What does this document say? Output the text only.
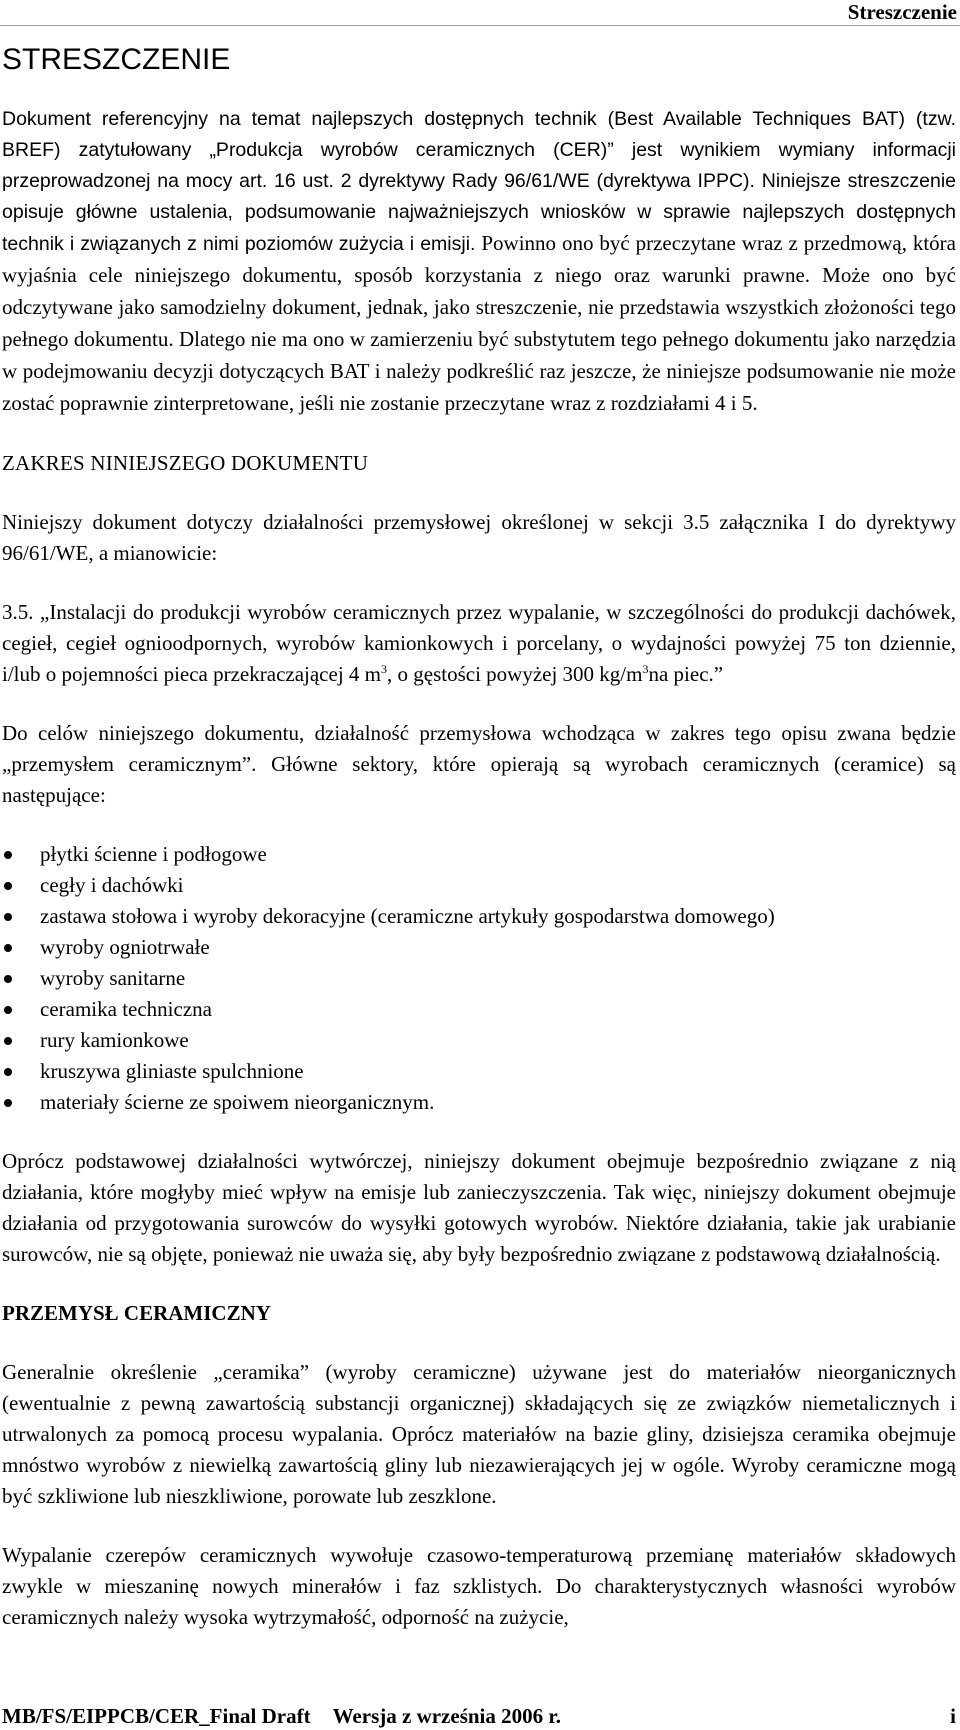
Streszczenie
STRESZCZENIE

Dokument referencyjny na temat najlepszych dostępnych technik (Best Available Techniques BAT) (tzw. BREF) zatytułowany „Produkcja wyrobów ceramicznych (CER)” jest wynikiem wymiany informacji przeprowadzonej na mocy art. 16 ust. 2 dyrektywy Rady 96/61/WE (dyrektywa IPPC). Niniejsze streszczenie opisuje główne ustalenia, podsumowanie najważniejszych wniosków w sprawie najlepszych dostępnych technik i związanych z nimi poziomów zużycia i emisji. Powinno ono być przeczytane wraz z przedmową, która wyjaśnia cele niniejszego dokumentu, sposób korzystania z niego oraz warunki prawne. Może ono być odczytywane jako samodzielny dokument, jednak, jako streszczenie, nie przedstawia wszystkich złożoności tego pełnego dokumentu. Dlatego nie ma ono w zamierzeniu być substytutem tego pełnego dokumentu jako narzędzia w podejmowaniu decyzji dotyczących BAT i należy podkreślić raz jeszcze, że niniejsze podsumowanie nie może zostać poprawnie zinterpretowane, jeśli nie zostanie przeczytane wraz z rozdziałami 4 i 5.

ZAKRES NINIEJSZEGO DOKUMENTU

Niniejszy dokument dotyczy działalności przemysłowej określonej w sekcji 3.5 załącznika I do dyrektywy 96/61/WE, a mianowicie:

3.5. „Instalacji do produkcji wyrobów ceramicznych przez wypalanie, w szczególności do produkcji dachówek, cegieł, cegieł ognioodpornych, wyrobów kamionkowych i porcelany, o wydajności powyżej 75 ton dziennie, i/lub o pojemności pieca przekraczającej 4 $m^3$, o gęstości powyżej 300 $kg/m^3na$ piec.”

Do celów niniejszego dokumentu, działalność przemysłowa wchodząca w zakres tego opisu zwana będzie „przemysłem ceramicznym”. Główne sektory, które opierają są wyrobach ceramicznych (ceramice) są następujące:

płytki ścienne i podłogowe
cegły i dachówki
zastawa stołowa i wyroby dekoracyjne (ceramiczne artykuły gospodarstwa domowego)
wyroby ogniotrwałe
wyroby sanitarne
ceramika techniczna
rury kamionkowe
kruszywa gliniaste spulchnione
materiały ścierne ze spoiwem nieorganicznym.

Oprócz podstawowej działalności wytwórczej, niniejszy dokument obejmuje bezpośrednio związane z nią działania, które mogłyby mieć wpływ na emisje lub zanieczyszczenia. Tak więc, niniejszy dokument obejmuje działania od przygotowania surowców do wysyłki gotowych wyrobów. Niektóre działania, takie jak urabianie surowców, nie są objęte, ponieważ nie uważa się, aby były bezpośrednio związane z podstawową działalnością.

PRZEMYSŁ CERAMICZNY

Generalnie określenie „ceramika” (wyroby ceramiczne) używane jest do materiałów nieorganicznych (ewentualnie z pewną zawartością substancji organicznej) składających się ze związków niemetalicznych i utrwalonych za pomocą procesu wypalania. Oprócz materiałów na bazie gliny, dzisiejsza ceramika obejmuje mnóstwo wyrobów z niewielką zawartością gliny lub niezawierających jej w ogóle. Wyroby ceramiczne mogą być szkliwione lub nieszkliwione, porowate lub zeszklone.

Wypalanie czerepów ceramicznych wywołuje czasowo-temperaturową przemianę materiałów składowych zwykle w mieszaninę nowych minerałów i faz szklistych. Do charakterystycznych własności wyrobów ceramicznych należy wysoka wytrzymałość, odporność na zużycie,

MB/FS/EIPPCB/CER_Final Draft Wersja z września 2006 r.	i
